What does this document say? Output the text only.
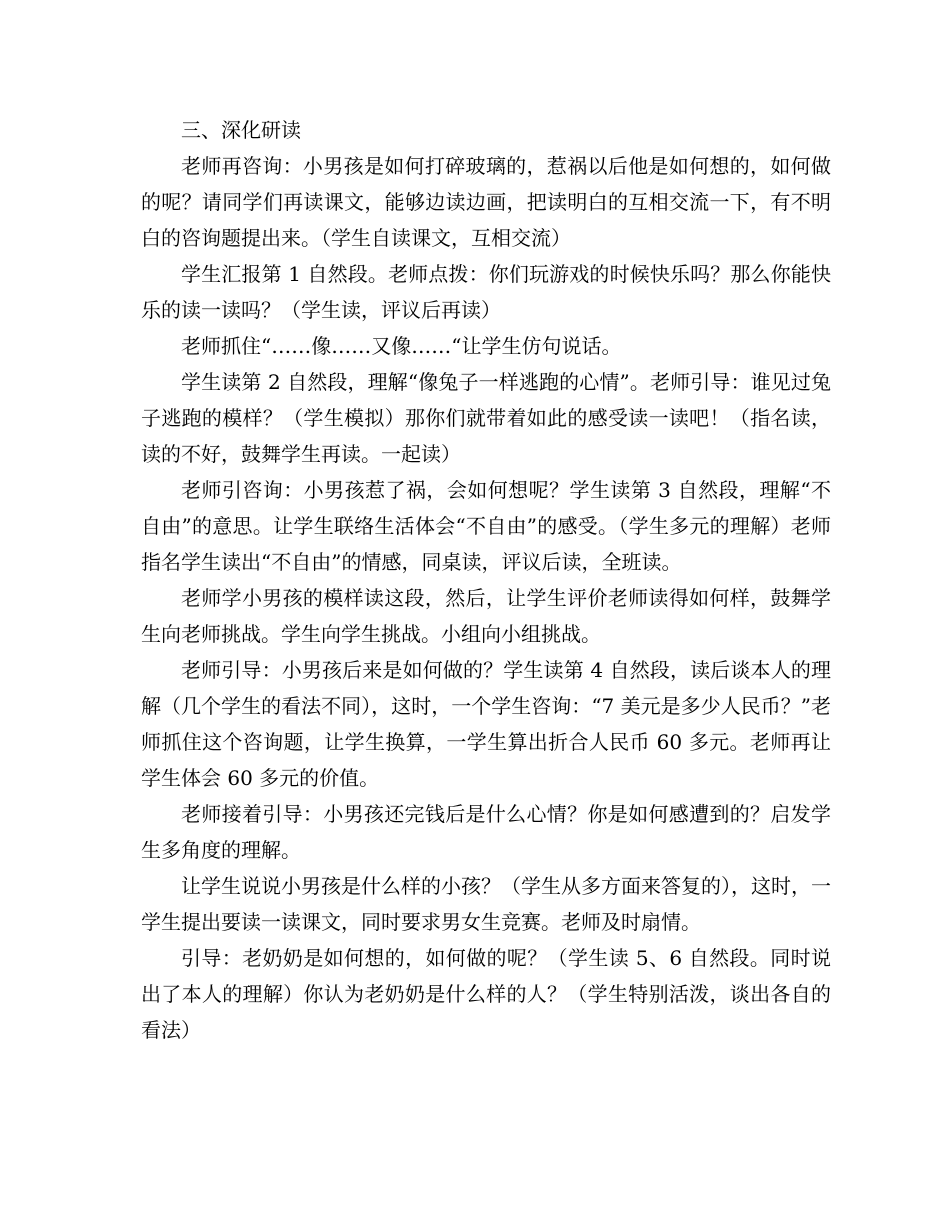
三、深化研读

老师再咨询：小男孩是如何打碎玻璃的，惹祸以后他是如何想的，如何做的呢？请同学们再读课文，能够边读边画，把读明白的互相交流一下，有不明白的咨询题提出来。（学生自读课文，互相交流）

学生汇报第 1 自然段。老师点拨：你们玩游戏的时候快乐吗？那么你能快乐的读一读吗？（学生读，评议后再读）

老师抓住“……像……又像……“让学生仿句说话。

学生读第 2 自然段，理解“像兔子一样逃跑的心情”。老师引导：谁见过兔子逃跑的模样？（学生模拟）那你们就带着如此的感受读一读吧！（指名读，读的不好，鼓舞学生再读。一起读）

老师引咨询：小男孩惹了祸，会如何想呢？学生读第 3 自然段，理解“不自由”的意思。让学生联络生活体会“不自由”的感受。（学生多元的理解）老师指名学生读出“不自由”的情感，同桌读，评议后读，全班读。

老师学小男孩的模样读这段，然后，让学生评价老师读得如何样，鼓舞学生向老师挑战。学生向学生挑战。小组向小组挑战。

老师引导：小男孩后来是如何做的？学生读第 4 自然段，读后谈本人的理解（几个学生的看法不同），这时，一个学生咨询：“7 美元是多少人民币？”老师抓住这个咨询题，让学生换算，一学生算出折合人民币 60 多元。老师再让学生体会 60 多元的价值。

老师接着引导：小男孩还完钱后是什么心情？你是如何感遭到的？启发学生多角度的理解。

让学生说说小男孩是什么样的小孩？（学生从多方面来答复的），这时，一学生提出要读一读课文，同时要求男女生竞赛。老师及时扇情。

引导：老奶奶是如何想的，如何做的呢？（学生读 5、6 自然段。同时说出了本人的理解）你认为老奶奶是什么样的人？（学生特别活泼，谈出各自的看法）
